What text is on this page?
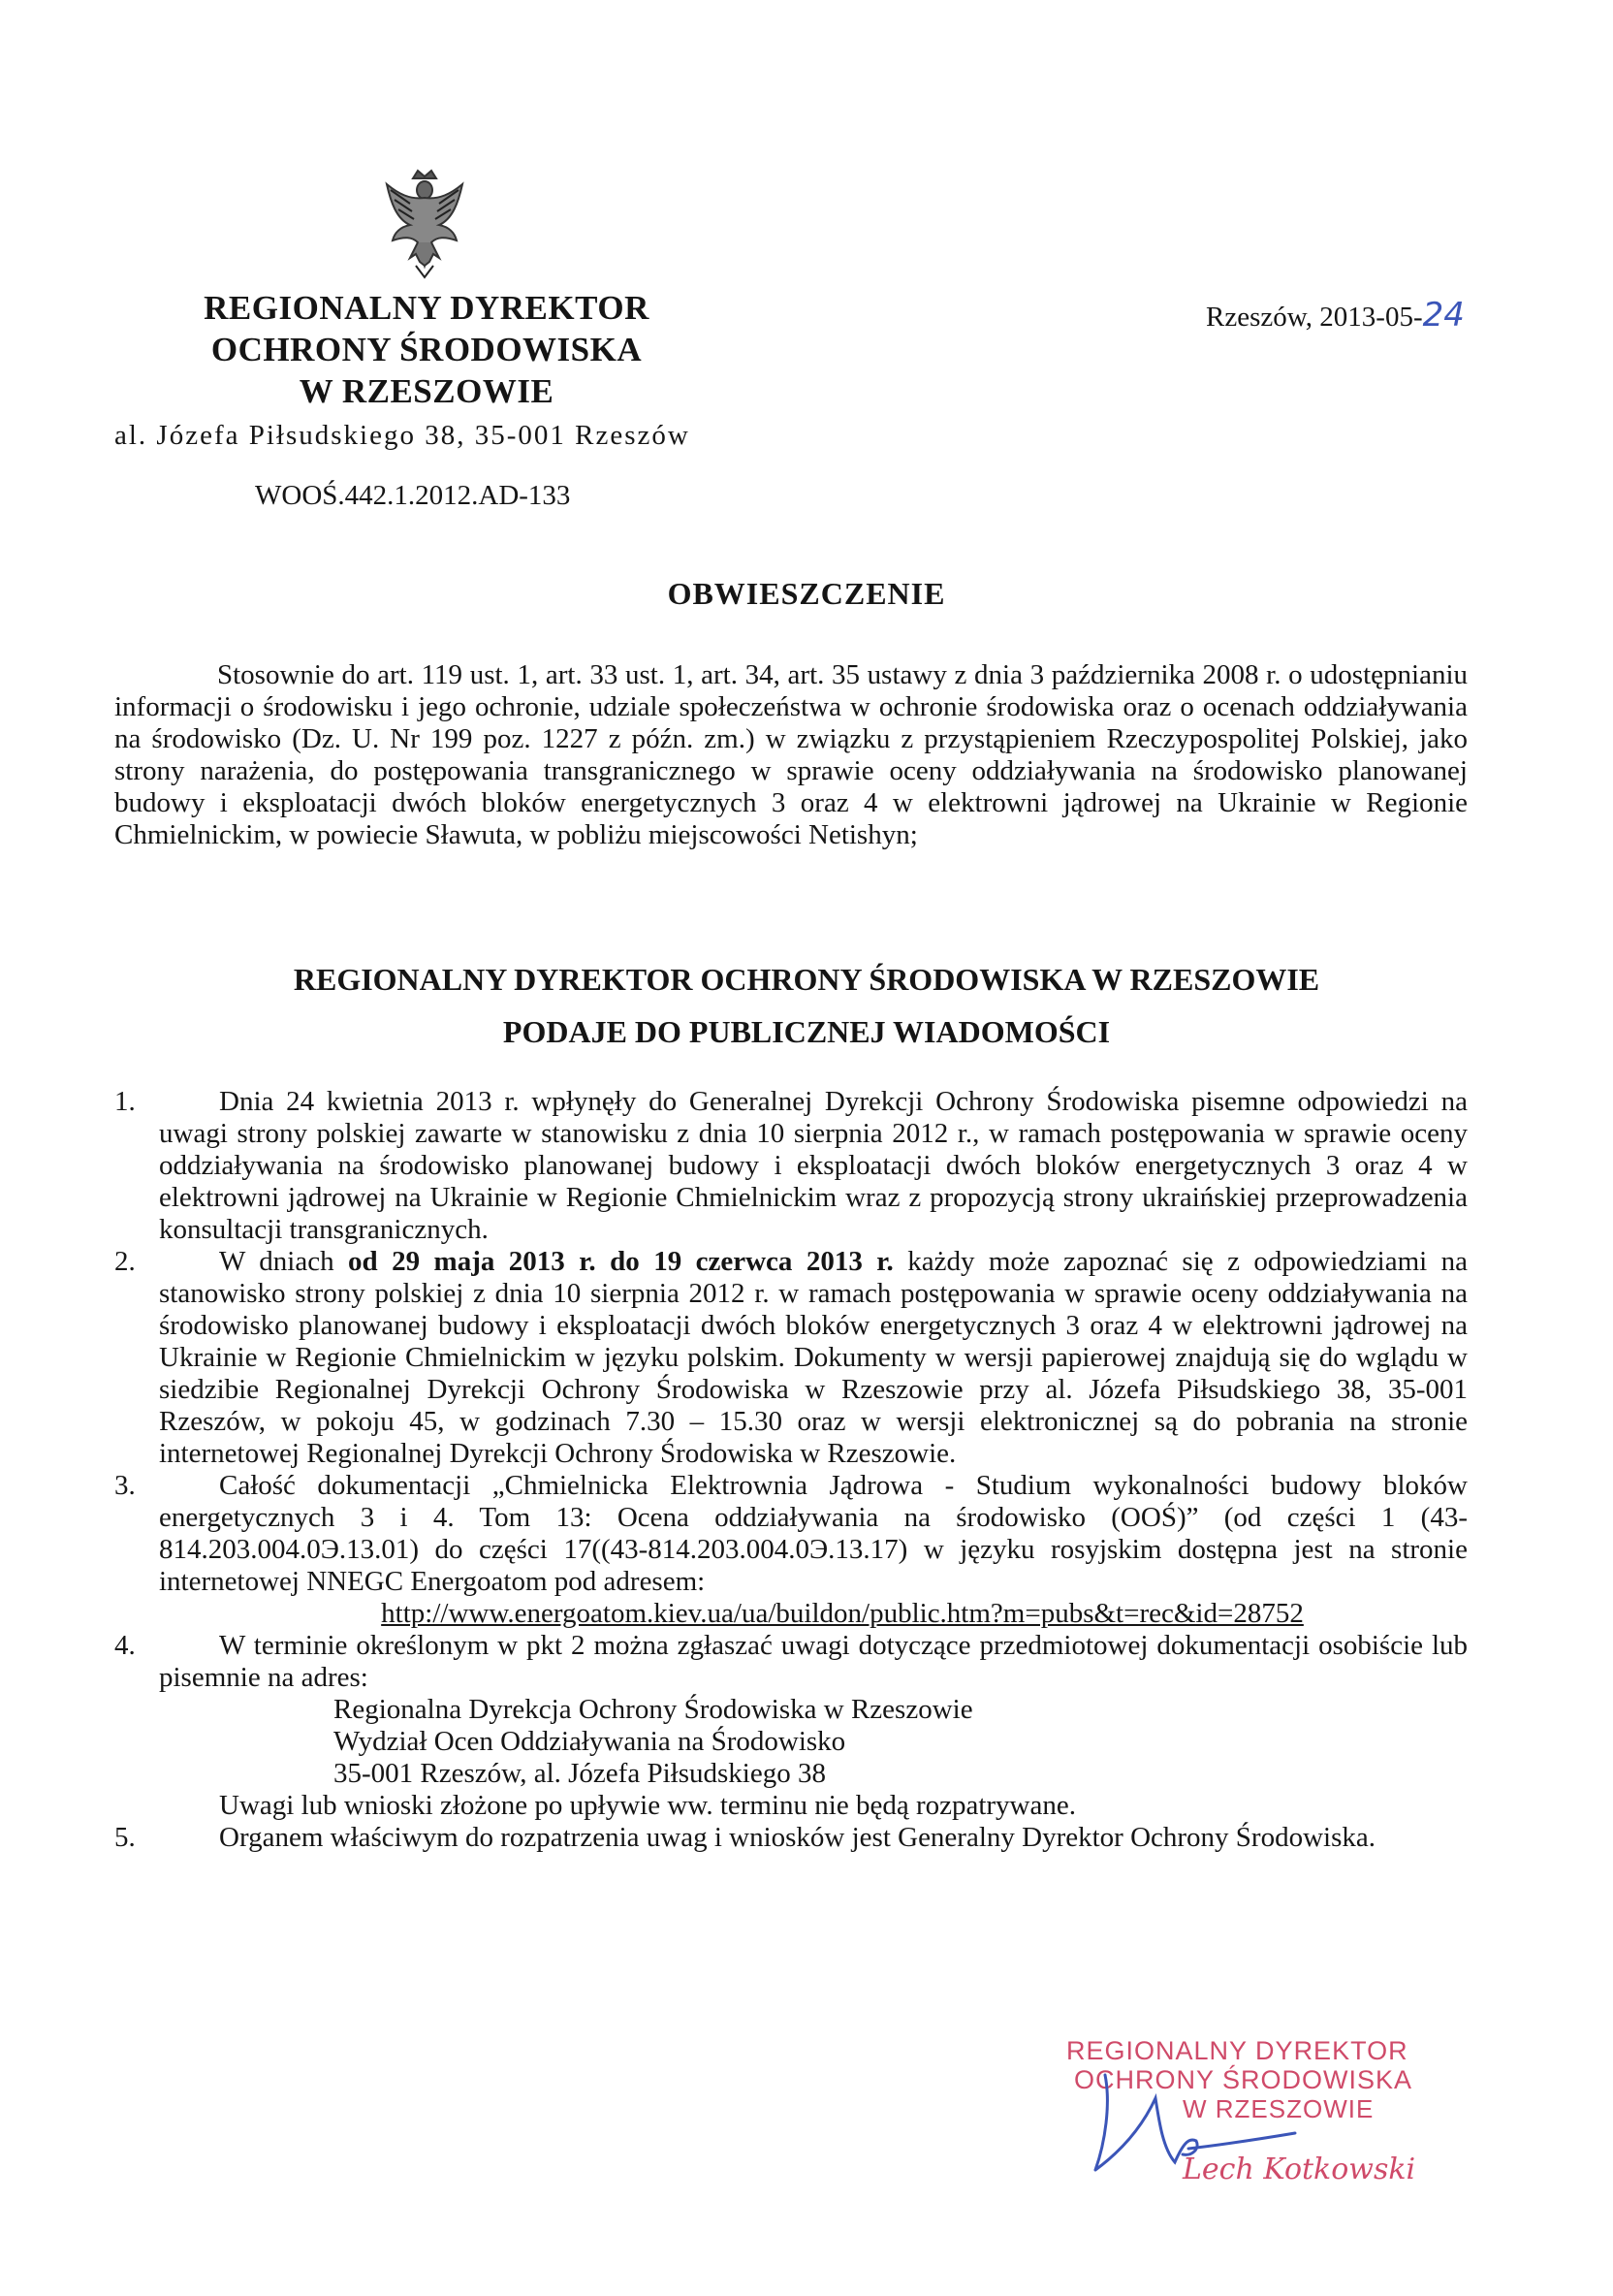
REGIONALNY DYREKTOR
OCHRONY ŚRODOWISKA
W RZESZOWIE
al. Józefa Piłsudskiego 38, 35-001 Rzeszów
WOOŚ.442.1.2012.AD-133
Rzeszów, 2013-05-24
OBWIESZCZENIE
Stosownie do art. 119 ust. 1, art. 33 ust. 1, art. 34, art. 35 ustawy z dnia 3 października 2008 r. o udostępnianiu informacji o środowisku i jego ochronie, udziale społeczeństwa w ochronie środowiska oraz o ocenach oddziaływania na środowisko (Dz. U. Nr 199 poz. 1227 z późn. zm.) w związku z przystąpieniem Rzeczypospolitej Polskiej, jako strony narażenia, do postępowania transgranicznego w sprawie oceny oddziaływania na środowisko planowanej budowy i eksploatacji dwóch bloków energetycznych 3 oraz 4 w elektrowni jądrowej na Ukrainie w Regionie Chmielnickim, w powiecie Sławuta, w pobliżu miejscowości Netishyn;
REGIONALNY DYREKTOR OCHRONY ŚRODOWISKA W RZESZOWIE
PODAJE DO PUBLICZNEJ WIADOMOŚCI
1.	Dnia 24 kwietnia 2013 r. wpłynęły do Generalnej Dyrekcji Ochrony Środowiska pisemne odpowiedzi na uwagi strony polskiej zawarte w stanowisku z dnia 10 sierpnia 2012 r., w ramach postępowania w sprawie oceny oddziaływania na środowisko planowanej budowy i eksploatacji dwóch bloków energetycznych 3 oraz 4 w elektrowni jądrowej na Ukrainie w Regionie Chmielnickim wraz z propozycją strony ukraińskiej przeprowadzenia konsultacji transgranicznych.
2.	W dniach od 29 maja 2013 r. do 19 czerwca 2013 r. każdy może zapoznać się z odpowiedziami na stanowisko strony polskiej z dnia 10 sierpnia 2012 r. w ramach postępowania w sprawie oceny oddziaływania na środowisko planowanej budowy i eksploatacji dwóch bloków energetycznych 3 oraz 4 w elektrowni jądrowej na Ukrainie w Regionie Chmielnickim w języku polskim. Dokumenty w wersji papierowej znajdują się do wglądu w siedzibie Regionalnej Dyrekcji Ochrony Środowiska w Rzeszowie przy al. Józefa Piłsudskiego 38, 35-001 Rzeszów, w pokoju 45, w godzinach 7.30 – 15.30 oraz w wersji elektronicznej są do pobrania na stronie internetowej Regionalnej Dyrekcji Ochrony Środowiska w Rzeszowie.
3.	Całość dokumentacji „Chmielnicka Elektrownia Jądrowa - Studium wykonalności budowy bloków energetycznych 3 i 4. Tom 13: Ocena oddziaływania na środowisko (OOŚ)” (od części 1 (43-814.203.004.0Э.13.01) do części 17((43-814.203.004.0Э.13.17) w języku rosyjskim dostępna jest na stronie internetowej NNEGC Energoatom pod adresem:
http://www.energoatom.kiev.ua/ua/buildon/public.htm?m=pubs&t=rec&id=28752
4.	W terminie określonym w pkt 2 można zgłaszać uwagi dotyczące przedmiotowej dokumentacji osobiście lub pisemnie na adres:
Regionalna Dyrekcja Ochrony Środowiska w Rzeszowie
Wydział Ocen Oddziaływania na Środowisko
35-001 Rzeszów, al. Józefa Piłsudskiego 38
Uwagi lub wnioski złożone po upływie ww. terminu nie będą rozpatrywane.
5.	Organem właściwym do rozpatrzenia uwag i wniosków jest Generalny Dyrektor Ochrony Środowiska.
REGIONALNY DYREKTOR
OCHRONY ŚRODOWISKA
W RZESZOWIE
Lech Kotkowski
